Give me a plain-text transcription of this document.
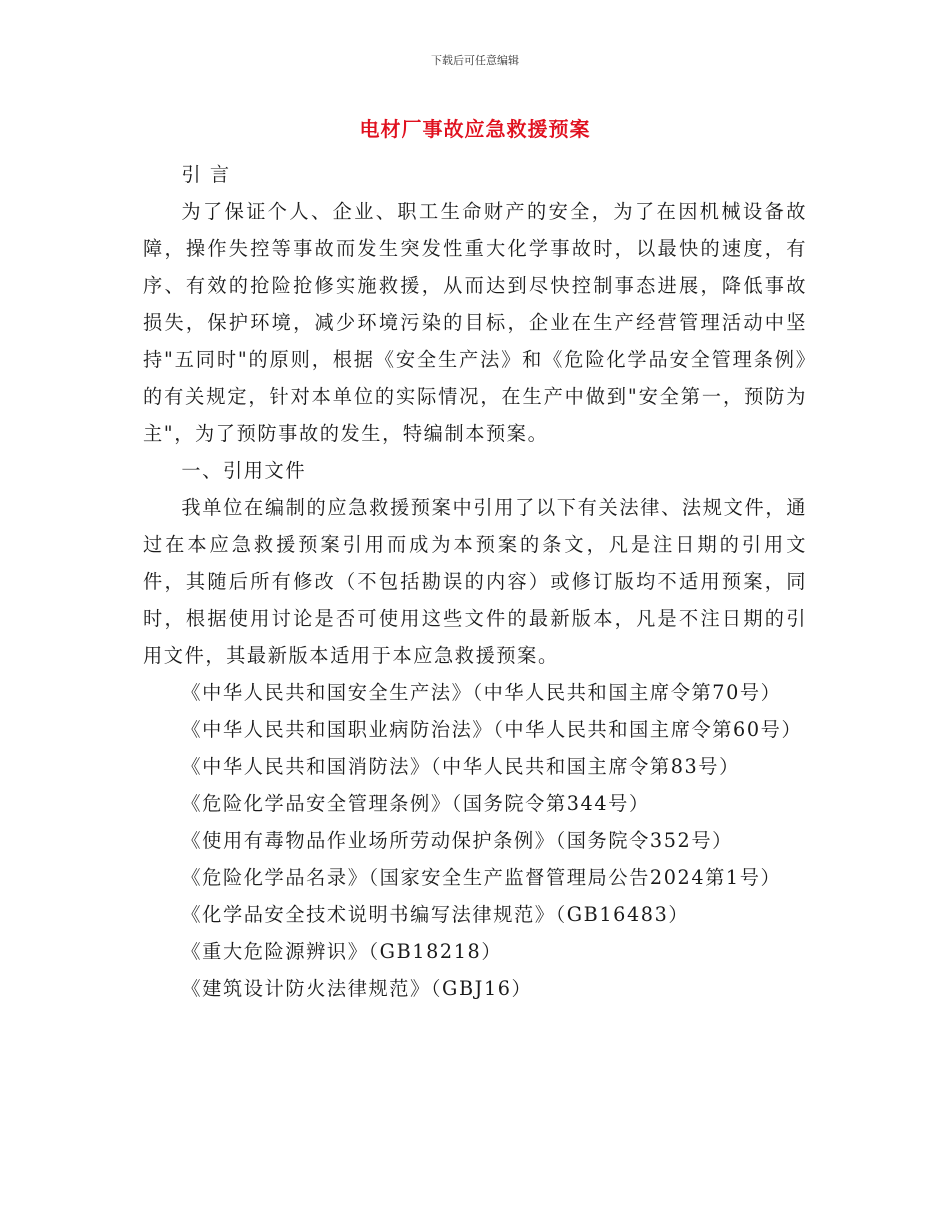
下载后可任意编辑
电材厂事故应急救援预案

引 言

为了保证个人、企业、职工生命财产的安全，为了在因机械设备故障，操作失控等事故而发生突发性重大化学事故时，以最快的速度，有序、有效的抢险抢修实施救援，从而达到尽快控制事态进展，降低事故损失，保护环境，减少环境污染的目标，企业在生产经营管理活动中坚持"五同时"的原则，根据《安全生产法》和《危险化学品安全管理条例》的有关规定，针对本单位的实际情况，在生产中做到"安全第一，预防为主"，为了预防事故的发生，特编制本预案。

一、引用文件

我单位在编制的应急救援预案中引用了以下有关法律、法规文件，通过在本应急救援预案引用而成为本预案的条文，凡是注日期的引用文件，其随后所有修改（不包括勘误的内容）或修订版均不适用预案，同时，根据使用讨论是否可使用这些文件的最新版本，凡是不注日期的引用文件，其最新版本适用于本应急救援预案。

《中华人民共和国安全生产法》（中华人民共和国主席令第70号）

《中华人民共和国职业病防治法》（中华人民共和国主席令第60号）

《中华人民共和国消防法》（中华人民共和国主席令第83号）

《危险化学品安全管理条例》（国务院令第344号）

《使用有毒物品作业场所劳动保护条例》（国务院令352号）

《危险化学品名录》（国家安全生产监督管理局公告2024第1号）

《化学品安全技术说明书编写法律规范》（GB16483）

《重大危险源辨识》（GB18218）

《建筑设计防火法律规范》（GBJ16）
